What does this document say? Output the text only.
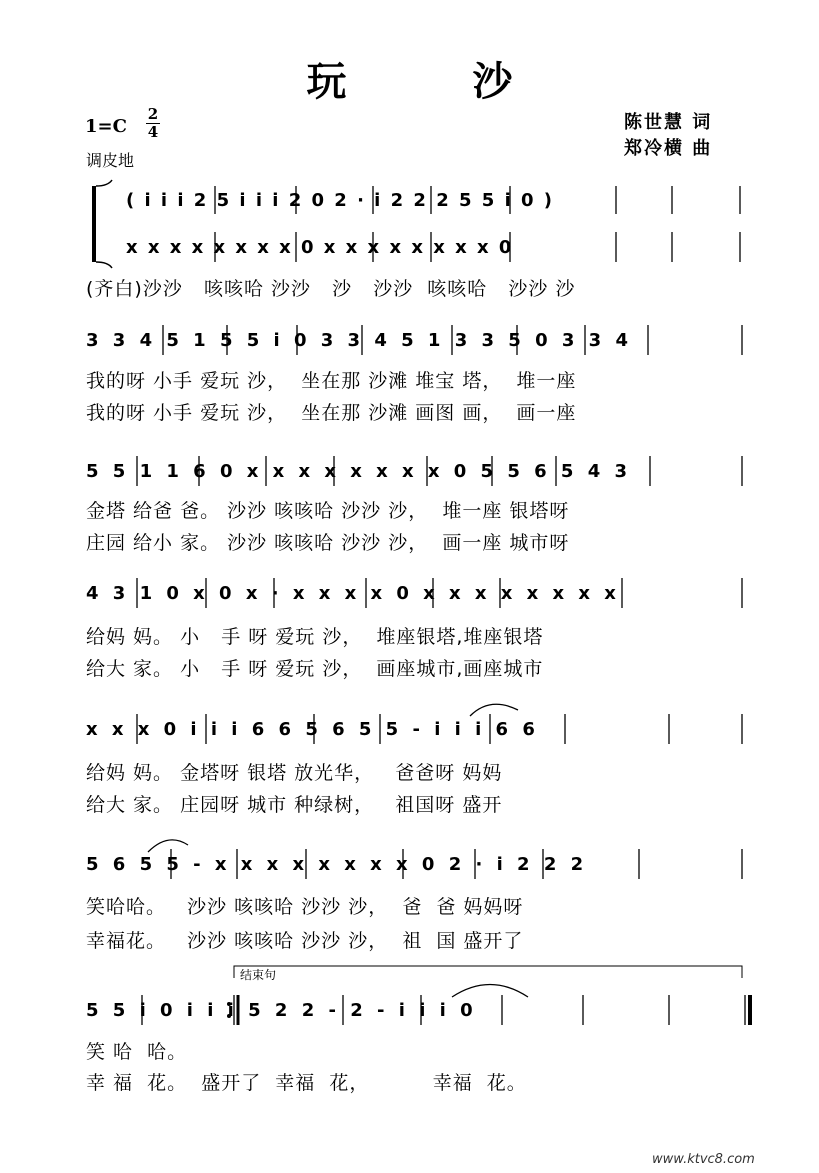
玩 沙
$1=C \frac{2}{4}$
调皮地
陈世慧 词
郑冷横 曲
( i i i 2 5 i i i 2 0 2 · i 2 2 2 5 5 i 0 )
x x x x x x x x 0 x x x x x x x x 0
(齐白)沙沙   咳咳哈 沙沙   沙   沙沙  咳咳哈   沙沙 沙
3 3 4 5 1 5 5 i 0 3 3 4 5 1 3 3 5 0 3 3 4
我的呀 小手 爱玩 沙，  坐在那 沙滩 堆宝 塔，  堆一座
我的呀 小手 爱玩 沙，  坐在那 沙滩 画图 画，  画一座
5 5 1 1 6 0 x x x x x x x x 0 5 5 6 5 4 3
金塔 给爸 爸。 沙沙 咳咳哈 沙沙 沙，  堆一座 银塔呀
庄园 给小 家。 沙沙 咳咳哈 沙沙 沙，  画一座 城市呀
4 3 1 0 x 0 x · x x x x 0 x x x x x x x x
给妈 妈。 小   手 呀 爱玩 沙，  堆座银塔,堆座银塔
给大 家。 小   手 呀 爱玩 沙，  画座城市,画座城市
x x x 0 i i i 6 6 5 6 5 5 - i i i 6 6
给妈 妈。 金塔呀 银塔 放光华，   爸爸呀 妈妈
给大 家。 庄园呀 城市 种绿树，   祖国呀 盛开
5 6 5 5 - x x x x x x x x 0 2 · i 2 2 2
笑哈哈。   沙沙 咳咳哈 沙沙 沙，  爸  爸 妈妈呀
幸福花。   沙沙 咳咳哈 沙沙 沙，  祖  国 盛开了
结束句
5 5 i 0 i i i 5 2 2 - 2 - i i i 0
笑 哈  哈。
幸 福  花。  盛开了  幸福  花，         幸福  花。
www.ktvc8.com
